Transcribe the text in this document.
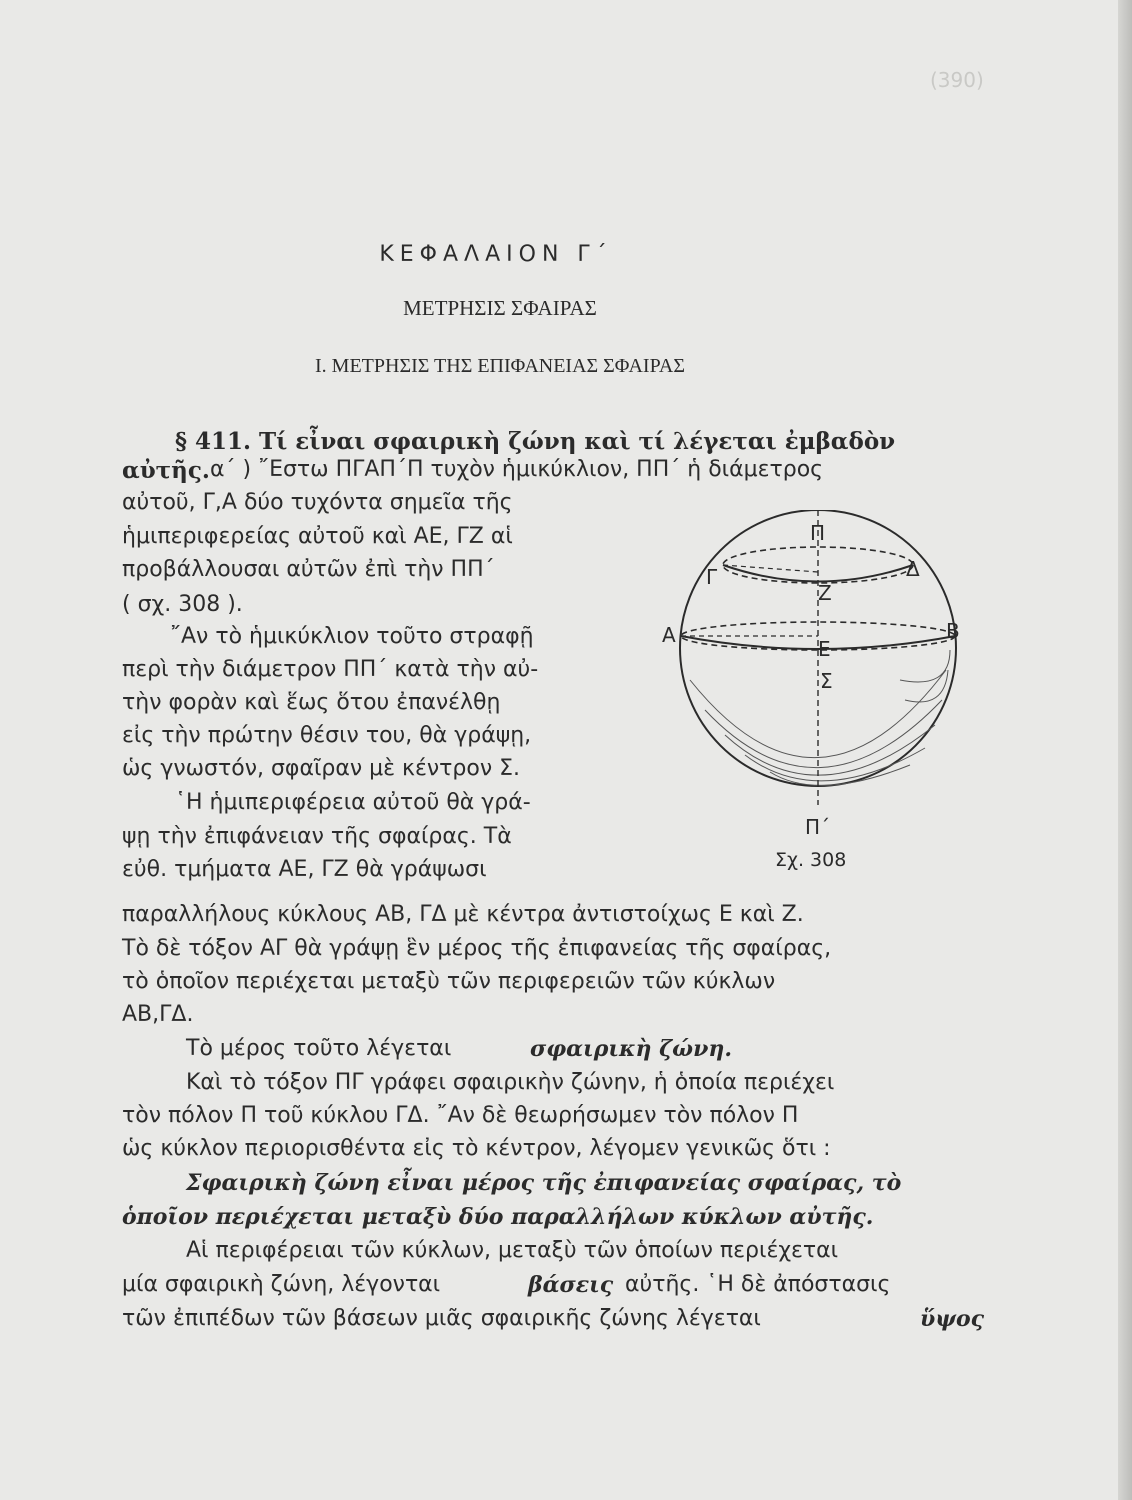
(390)
ΚΕΦΑΛΑΙΟΝ Γ΄
ΜΕΤΡΗΣΙΣ ΣΦΑΙΡΑΣ
Ι. ΜΕΤΡΗΣΙΣ ΤΗΣ ΕΠΙΦΑΝΕΙΑΣ ΣΦΑΙΡΑΣ
§ 411. Τί εἶναι σφαιρικὴ ζώνη καὶ τί λέγεται ἐμβαδὸν
αὐτῆς. α΄ ) ῎Εστω ΠΓΑΠ΄Π τυχὸν ἡμικύκλιον, ΠΠ΄ ἡ διάμετρος
αὐτοῦ, Γ,Α δύο τυχόντα σημεῖα τῆς
ἡμιπεριφερείας αὐτοῦ καὶ ΑΕ, ΓΖ αἱ
προβάλλουσαι αὐτῶν ἐπὶ τὴν ΠΠ΄
( σχ. 308 ).
῎Αν τὸ ἡμικύκλιον τοῦτο στραφῇ
περὶ τὴν διάμετρον ΠΠ΄ κατὰ τὴν αὐ-
τὴν φορὰν καὶ ἕως ὅτου ἐπανέλθῃ
εἰς τὴν πρώτην θέσιν του, θὰ γράψῃ,
ὡς γνωστόν, σφαῖραν μὲ κέντρον Σ.
῾Η ἡμιπεριφέρεια αὐτοῦ θὰ γρά-
ψῃ τὴν ἐπιφάνειαν τῆς σφαίρας. Τὰ
εὐθ. τμήματα ΑΕ, ΓΖ θὰ γράψωσι
παραλλήλους κύκλους ΑΒ, ΓΔ μὲ κέντρα ἀντιστοίχως Ε καὶ Ζ.
Τὸ δὲ τόξον ΑΓ θὰ γράψῃ ἓν μέρος τῆς ἐπιφανείας τῆς σφαίρας,
τὸ ὁποῖον περιέχεται μεταξὺ τῶν περιφερειῶν τῶν κύκλων
ΑΒ,ΓΔ.
Τὸ μέρος τοῦτο λέγεται	σφαιρικὴ ζώνη.
Καὶ τὸ τόξον ΠΓ γράφει σφαιρικὴν ζώνην, ἡ ὁποία περιέχει
τὸν πόλον Π τοῦ κύκλου ΓΔ. ῎Αν δὲ θεωρήσωμεν τὸν πόλον Π
ὡς κύκλον περιορισθέντα εἰς τὸ κέντρον, λέγομεν γενικῶς ὅτι :
Σφαιρικὴ ζώνη εἶναι μέρος τῆς ἐπιφανείας σφαίρας, τὸ
ὁποῖον περιέχεται μεταξὺ δύο παραλλήλων κύκλων αὐτῆς.
Αἱ περιφέρειαι τῶν κύκλων, μεταξὺ τῶν ὁποίων περιέχεται
μία σφαιρικὴ ζώνη, λέγονται	βάσεις αὐτῆς. ῾Η δὲ ἀπόστασις
τῶν ἐπιπέδων τῶν βάσεων μιᾶς σφαιρικῆς ζώνης λέγεται	ὕψος
Π
Γ	Δ
Ζ
Α	Β
Ε
Σ
Π΄
Σχ. 308
